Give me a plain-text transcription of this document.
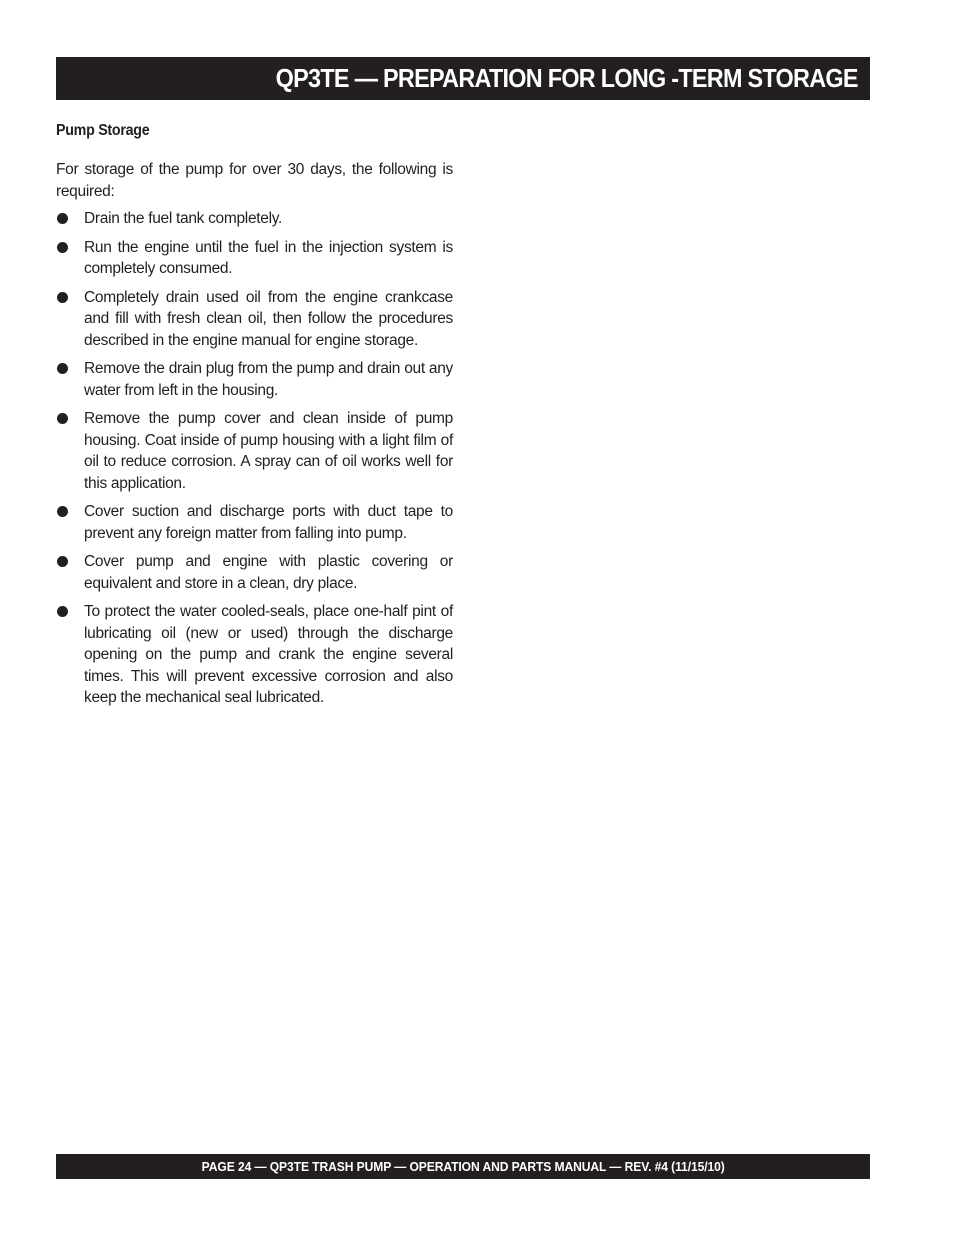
QP3TE — PREPARATION FOR LONG -TERM STORAGE
Pump Storage

For storage of the pump for over 30 days, the following is required:

Drain the fuel tank completely.
Run the engine until the fuel in the injection system is completely consumed.
Completely drain used oil from the engine crankcase and fill with fresh clean oil, then follow the procedures described in the engine manual for engine storage.
Remove the drain plug from the pump and drain out any water from left in the housing.
Remove the pump cover and clean inside of pump housing. Coat inside of pump housing with a light film of oil to reduce corrosion. A spray can of oil works well for this application.
Cover suction and discharge ports with duct tape to prevent any foreign matter from falling into pump.
Cover pump and engine with plastic covering or equivalent and store in a clean, dry place.
To protect the water cooled-seals, place one-half pint of lubricating oil (new or used) through the discharge opening on the pump and crank the engine several times. This will prevent excessive corrosion and also keep the mechanical seal lubricated.
PAGE 24 — QP3TE TRASH PUMP — OPERATION AND PARTS MANUAL — REV. #4 (11/15/10)
